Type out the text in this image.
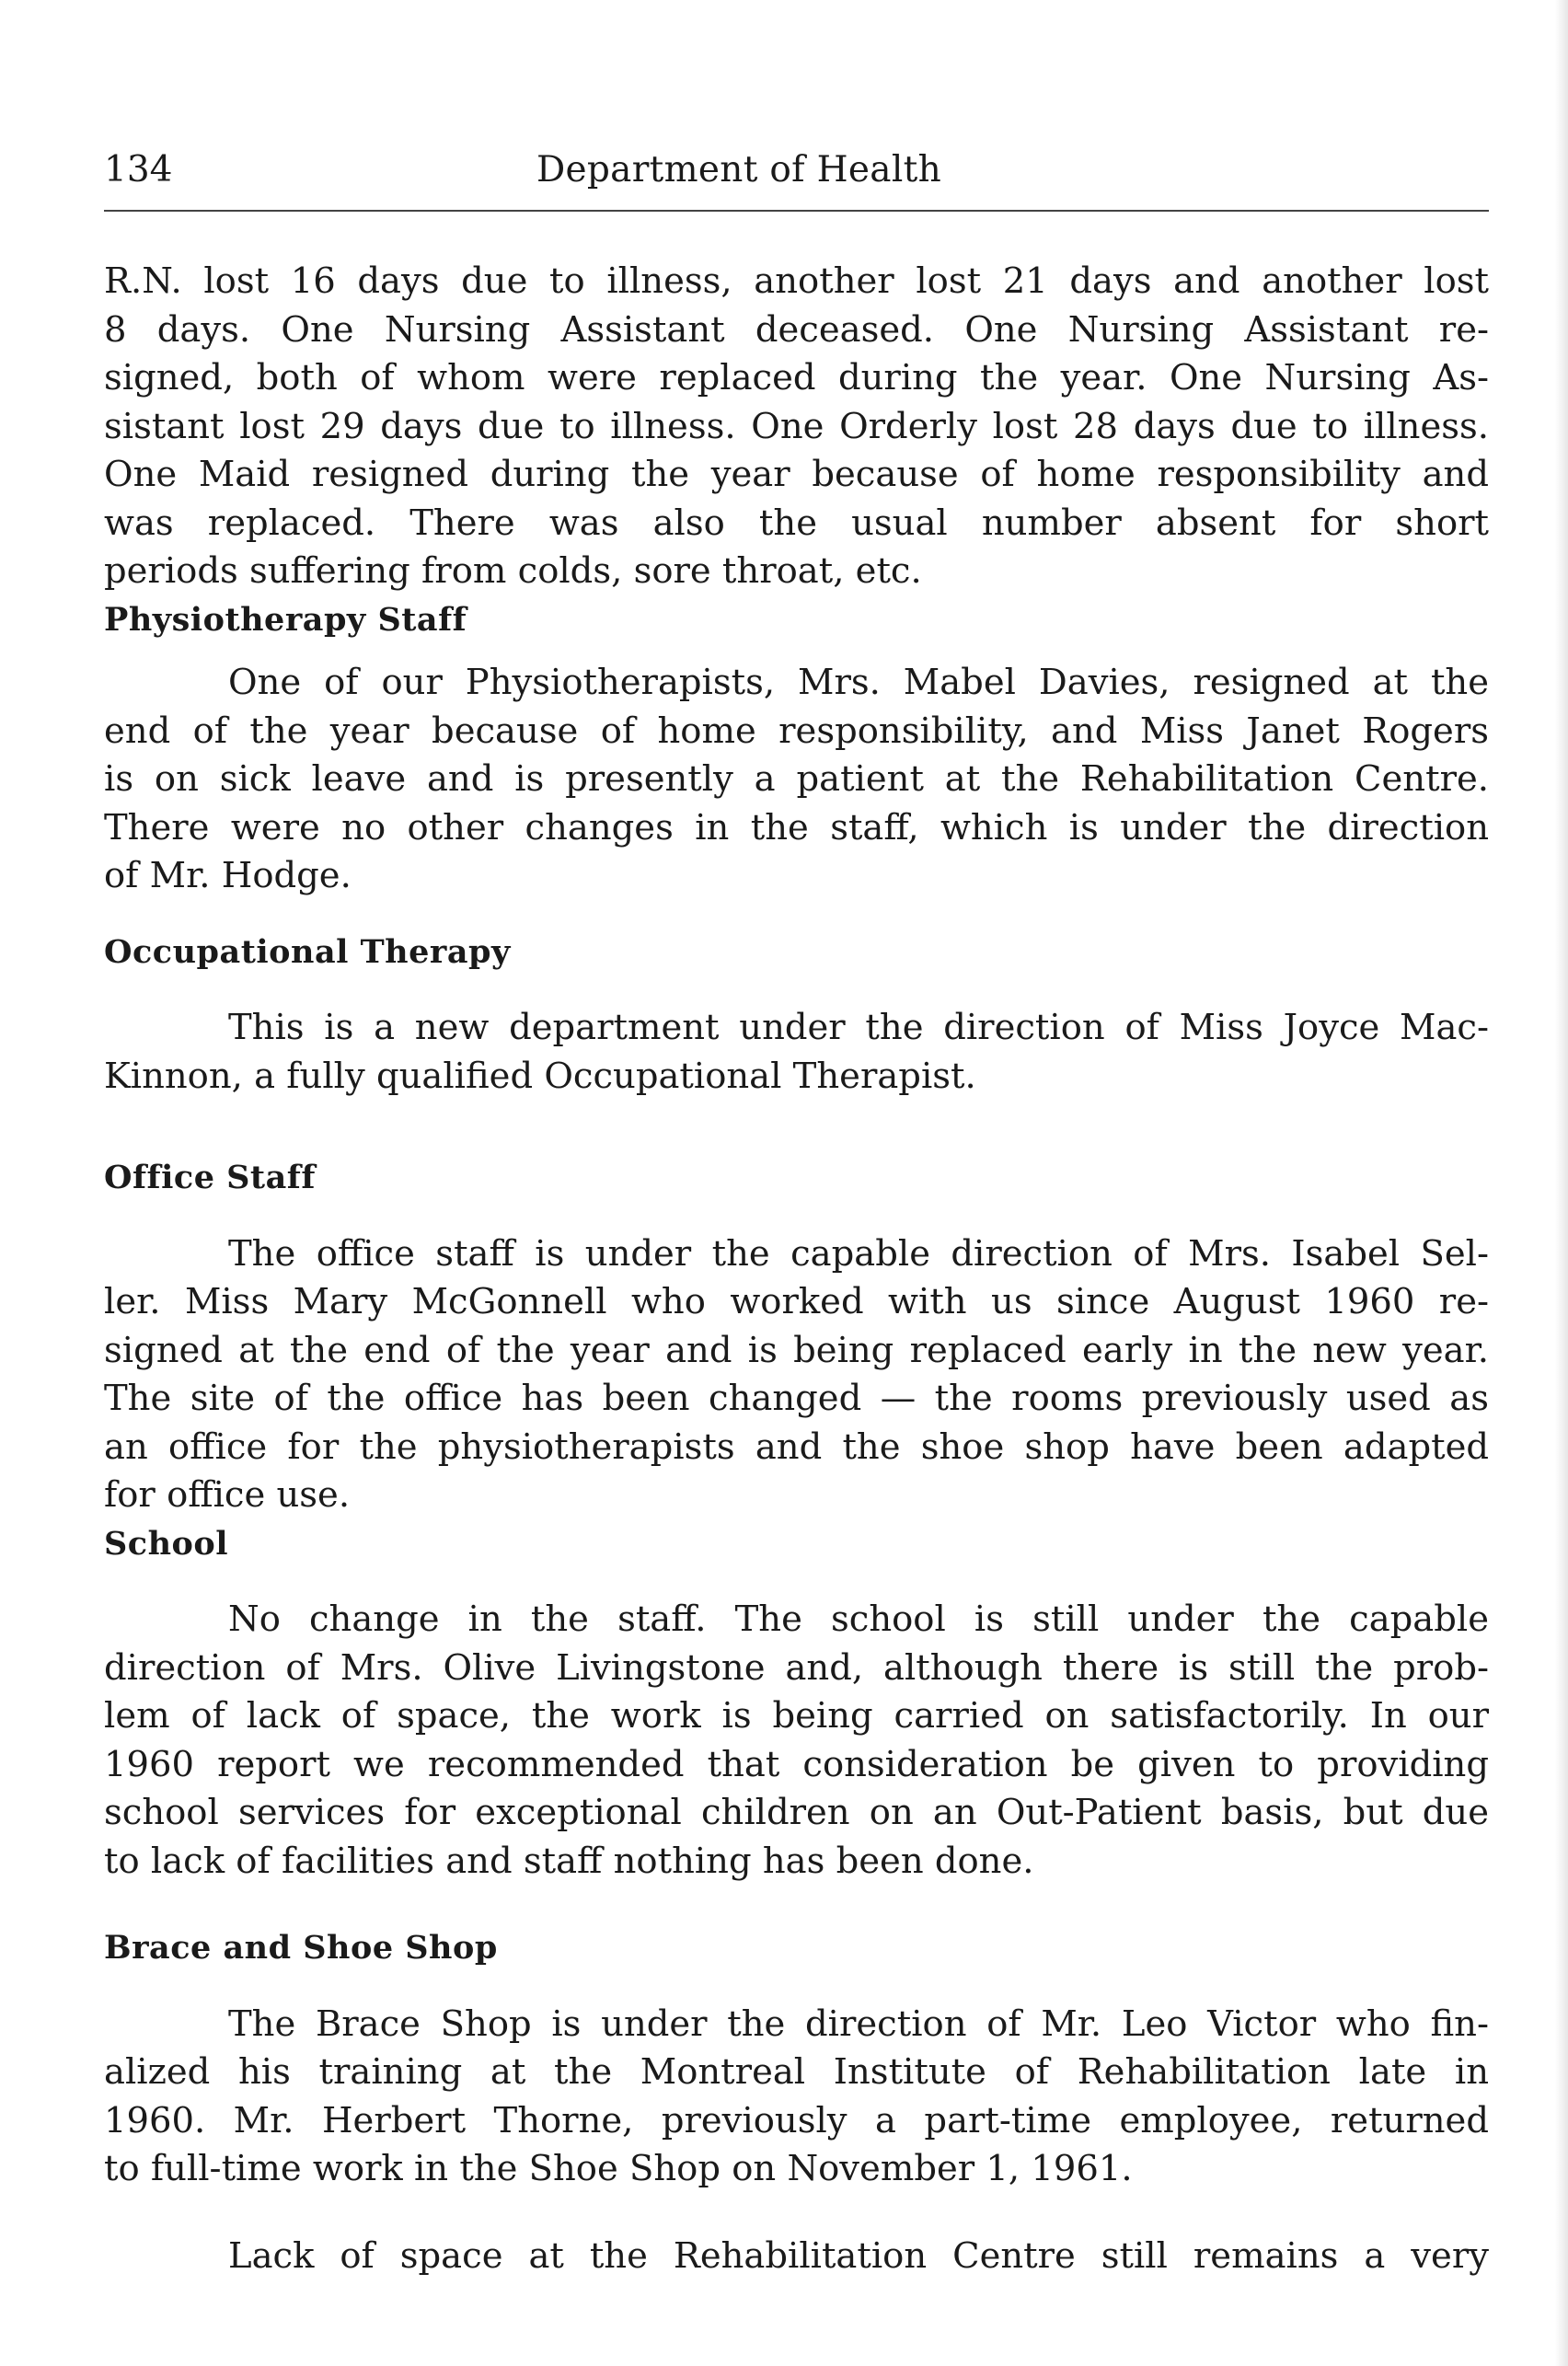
134	Department of Health
R.N. lost 16 days due to illness, another lost 21 days and another lost
8 days. One Nursing Assistant deceased. One Nursing Assistant re-
signed, both of whom were replaced during the year. One Nursing As-
sistant lost 29 days due to illness. One Orderly lost 28 days due to illness.
One Maid resigned during the year because of home responsibility and
was replaced. There was also the usual number absent for short
periods suffering from colds, sore throat, etc.
Physiotherapy Staff
One of our Physiotherapists, Mrs. Mabel Davies, resigned at the
end of the year because of home responsibility, and Miss Janet Rogers
is on sick leave and is presently a patient at the Rehabilitation Centre.
There were no other changes in the staff, which is under the direction
of Mr. Hodge.
Occupational Therapy
This is a new department under the direction of Miss Joyce Mac-
Kinnon, a fully qualified Occupational Therapist.
Office Staff
The office staff is under the capable direction of Mrs. Isabel Sel-
ler. Miss Mary McGonnell who worked with us since August 1960 re-
signed at the end of the year and is being replaced early in the new year.
The site of the office has been changed — the rooms previously used as
an office for the physiotherapists and the shoe shop have been adapted
for office use.
School
No change in the staff. The school is still under the capable
direction of Mrs. Olive Livingstone and, although there is still the prob-
lem of lack of space, the work is being carried on satisfactorily. In our
1960 report we recommended that consideration be given to providing
school services for exceptional children on an Out-Patient basis, but due
to lack of facilities and staff nothing has been done.
Brace and Shoe Shop
The Brace Shop is under the direction of Mr. Leo Victor who fin-
alized his training at the Montreal Institute of Rehabilitation late in
1960. Mr. Herbert Thorne, previously a part-time employee, returned
to full-time work in the Shoe Shop on November 1, 1961.
Lack of space at the Rehabilitation Centre still remains a very
